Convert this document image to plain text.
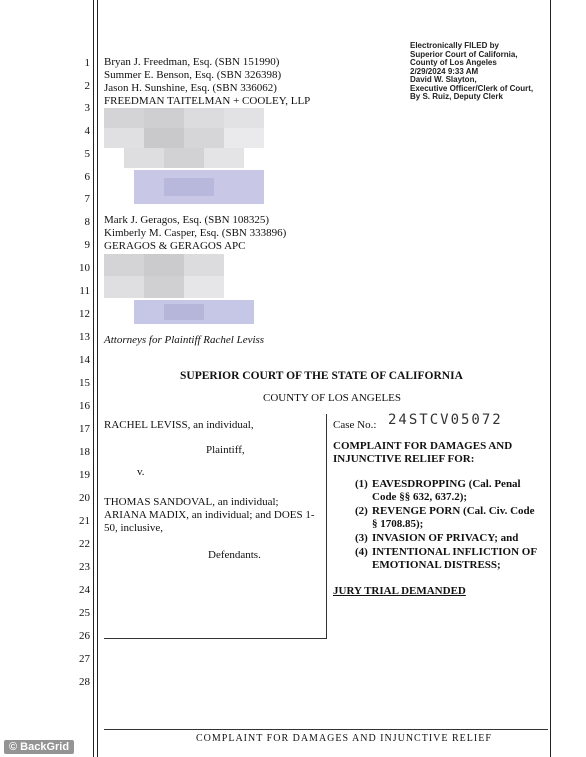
Electronically FILED by
Superior Court of California,
County of Los Angeles
2/29/2024 9:33 AM
David W. Slayton,
Executive Officer/Clerk of Court,
By S. Ruiz, Deputy Clerk
1
2
3
4
5
6
7
8
9
10
11
12
13
14
15
16
17
18
19
20
21
22
23
24
25
26
27
28
Bryan J. Freedman, Esq. (SBN 151990)
Summer E. Benson, Esq. (SBN 326398)
Jason H. Sunshine, Esq. (SBN 336062)
FREEDMAN TAITELMAN + COOLEY, LLP
Mark J. Geragos, Esq. (SBN 108325)
Kimberly M. Casper, Esq. (SBN 333896)
GERAGOS & GERAGOS APC
Attorneys for Plaintiff Rachel Leviss
SUPERIOR COURT OF THE STATE OF CALIFORNIA
COUNTY OF LOS ANGELES
RACHEL LEVISS, an individual,
Plaintiff,
v.
THOMAS SANDOVAL, an individual;
ARIANA MADIX, an individual; and DOES 1-
50, inclusive,
Defendants.
Case No.: 24STCV05072
COMPLAINT FOR DAMAGES AND
INJUNCTIVE RELIEF FOR:
(1) EAVESDROPPING (Cal. Penal
Code §§ 632, 637.2);
(2) REVENGE PORN (Cal. Civ. Code
§ 1708.85);
(3) INVASION OF PRIVACY; and
(4) INTENTIONAL INFLICTION OF
EMOTIONAL DISTRESS;
JURY TRIAL DEMANDED
COMPLAINT FOR DAMAGES AND INJUNCTIVE RELIEF
© BackGrid
